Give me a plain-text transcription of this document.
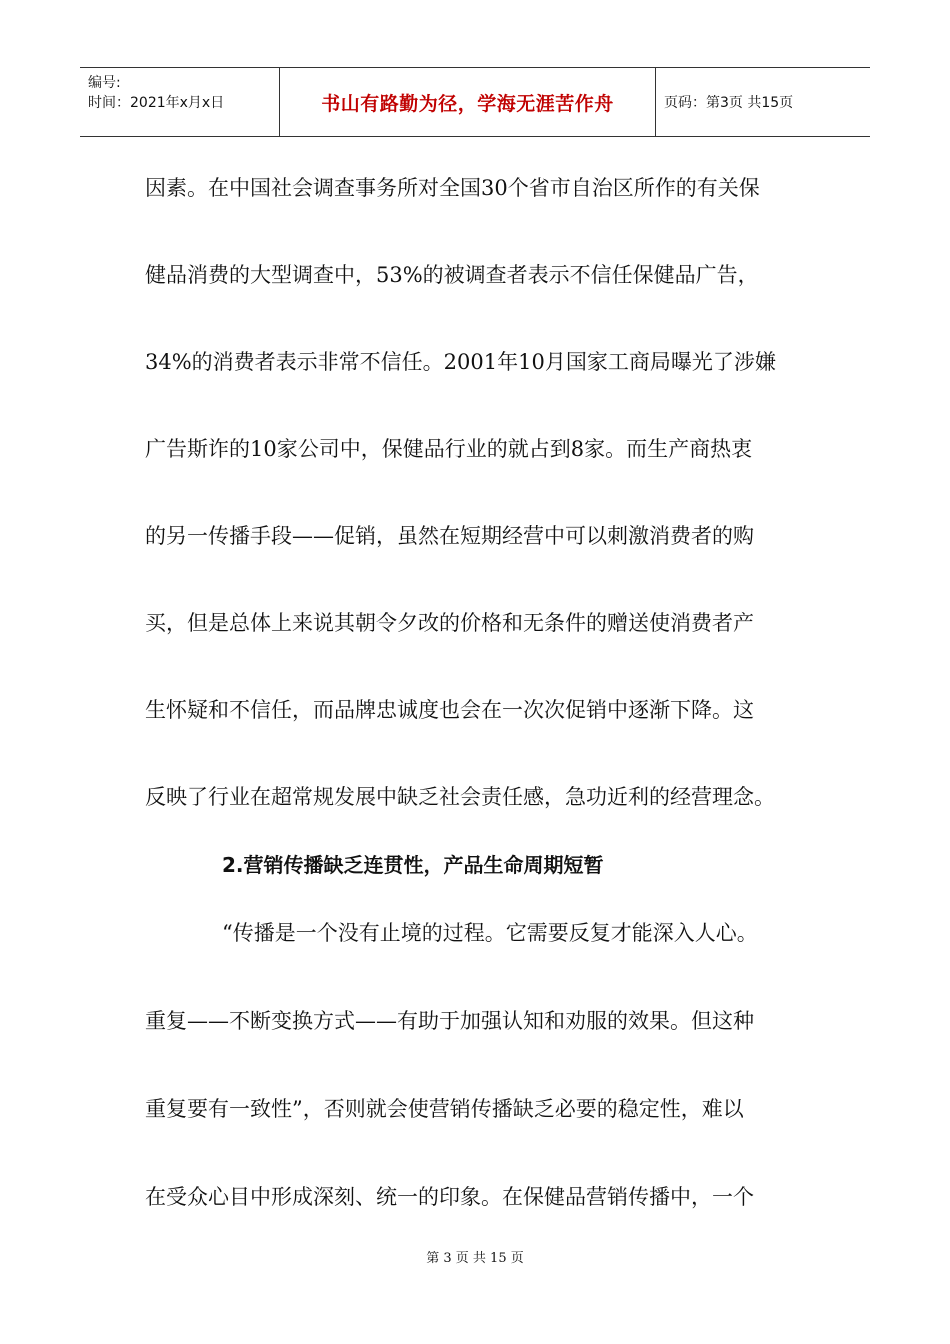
编号:
时间：2021年x月x日	书山有路勤为径，学海无涯苦作舟	页码：第3页 共15页
因素。在中国社会调查事务所对全国30个省市自治区所作的有关保
健品消费的大型调查中，53%的被调查者表示不信任保健品广告，
34%的消费者表示非常不信任。2001年10月国家工商局曝光了涉嫌
广告斯诈的10家公司中，保健品行业的就占到8家。而生产商热衷
的另一传播手段——促销，虽然在短期经营中可以刺激消费者的购
买，但是总体上来说其朝令夕改的价格和无条件的赠送使消费者产
生怀疑和不信任，而品牌忠诚度也会在一次次促销中逐渐下降。这
反映了行业在超常规发展中缺乏社会责任感，急功近利的经营理念。
2.营销传播缺乏连贯性，产品生命周期短暂
“传播是一个没有止境的过程。它需要反复才能深入人心。
重复——不断变换方式——有助于加强认知和劝服的效果。但这种
重复要有一致性”，否则就会使营销传播缺乏必要的稳定性，难以
在受众心目中形成深刻、统一的印象。在保健品营销传播中，一个
第 3 页 共 15 页
